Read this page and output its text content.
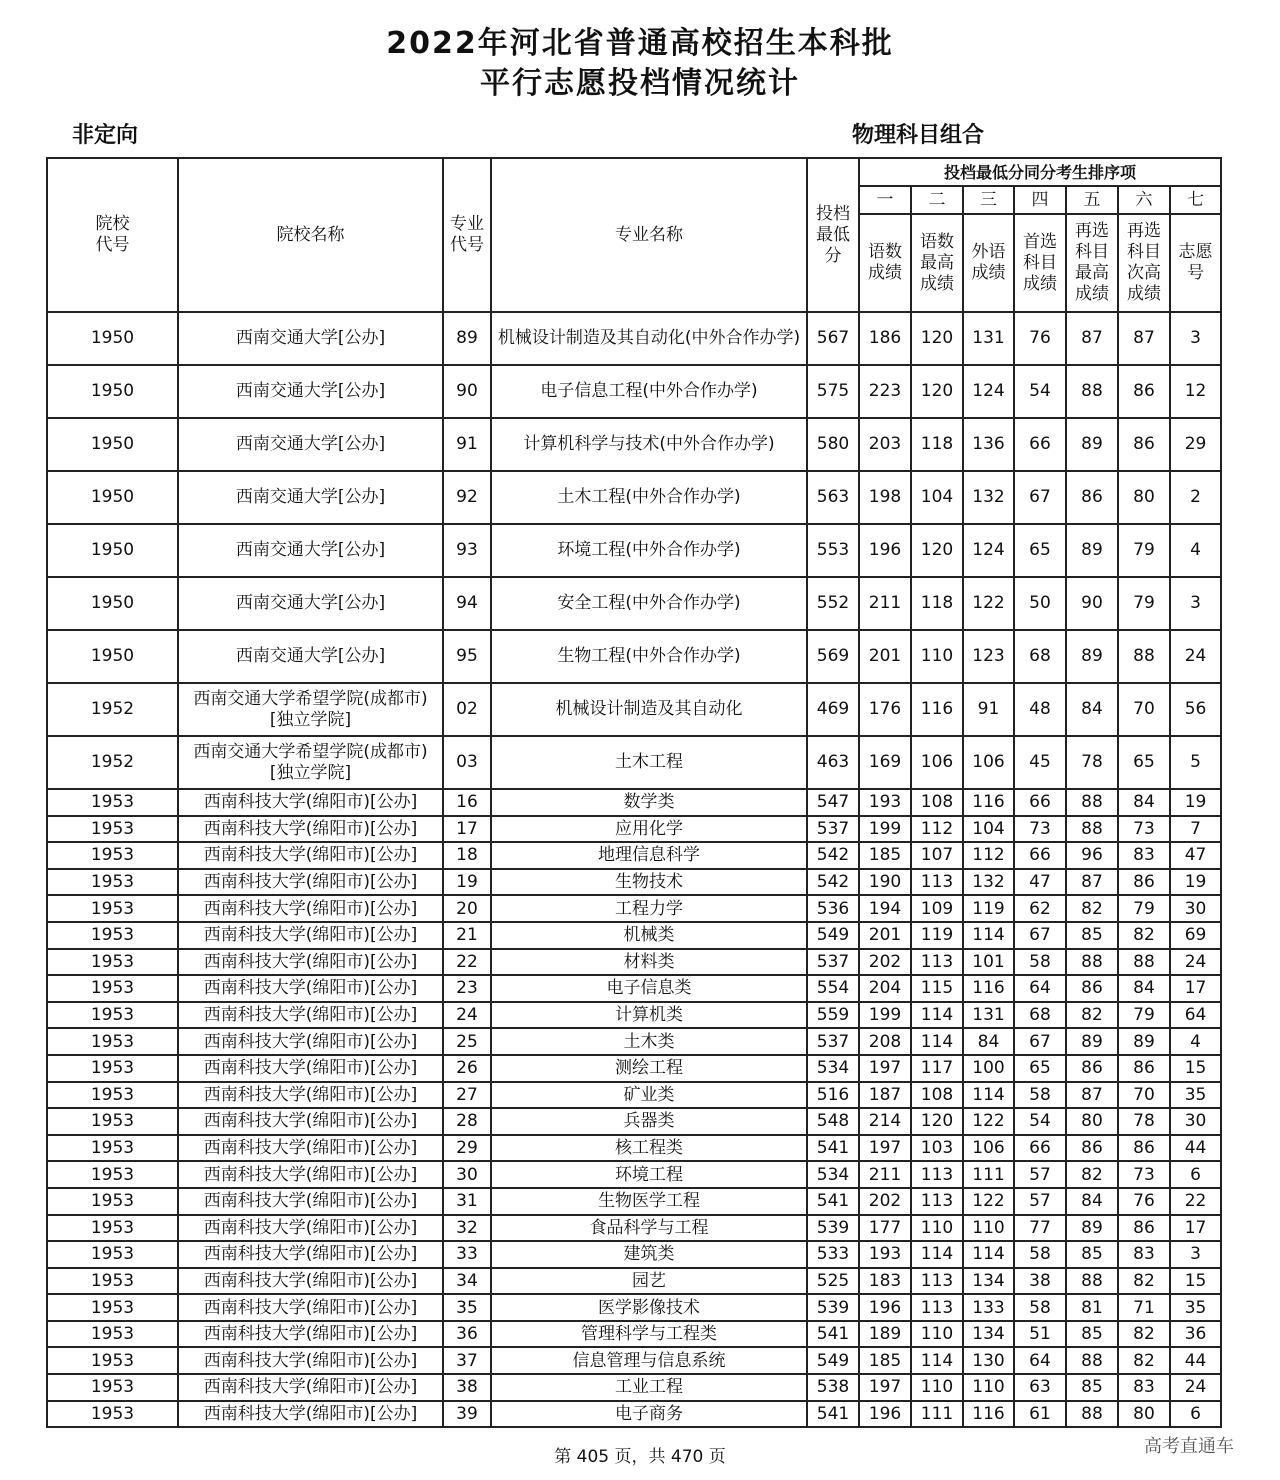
2022年河北省普通高校招生本科批
平行志愿投档情况统计
非定向	物理科目组合
院校代号	院校名称	专业代号	专业名称	投档最低分	投档最低分同分考生排序项						
					一	二	三	四	五	六	七

					语数成绩	语数最高成绩	外语成绩	首选科目成绩	再选科目最高成绩	再选科目次高成绩	志愿号

1950	西南交通大学[公办]	89	机械设计制造及其自动化(中外合作办学)	567	186	120	131	76	87	87	3
1950	西南交通大学[公办]	90	电子信息工程(中外合作办学)	575	223	120	124	54	88	86	12
1950	西南交通大学[公办]	91	计算机科学与技术(中外合作办学)	580	203	118	136	66	89	86	29
1950	西南交通大学[公办]	92	土木工程(中外合作办学)	563	198	104	132	67	86	80	2
1950	西南交通大学[公办]	93	环境工程(中外合作办学)	553	196	120	124	65	89	79	4
1950	西南交通大学[公办]	94	安全工程(中外合作办学)	552	211	118	122	50	90	79	3
1950	西南交通大学[公办]	95	生物工程(中外合作办学)	569	201	110	123	68	89	88	24
1952	西南交通大学希望学院(成都市)[独立学院]	02	机械设计制造及其自动化	469	176	116	91	48	84	70	56
1952	西南交通大学希望学院(成都市)[独立学院]	03	土木工程	463	169	106	106	45	78	65	5
1953	西南科技大学(绵阳市)[公办]	16	数学类	547	193	108	116	66	88	84	19
1953	西南科技大学(绵阳市)[公办]	17	应用化学	537	199	112	104	73	88	73	7
1953	西南科技大学(绵阳市)[公办]	18	地理信息科学	542	185	107	112	66	96	83	47
1953	西南科技大学(绵阳市)[公办]	19	生物技术	542	190	113	132	47	87	86	19
1953	西南科技大学(绵阳市)[公办]	20	工程力学	536	194	109	119	62	82	79	30
1953	西南科技大学(绵阳市)[公办]	21	机械类	549	201	119	114	67	85	82	69
1953	西南科技大学(绵阳市)[公办]	22	材料类	537	202	113	101	58	88	88	24
1953	西南科技大学(绵阳市)[公办]	23	电子信息类	554	204	115	116	64	86	84	17
1953	西南科技大学(绵阳市)[公办]	24	计算机类	559	199	114	131	68	82	79	64
1953	西南科技大学(绵阳市)[公办]	25	土木类	537	208	114	84	67	89	89	4
1953	西南科技大学(绵阳市)[公办]	26	测绘工程	534	197	117	100	65	86	86	15
1953	西南科技大学(绵阳市)[公办]	27	矿业类	516	187	108	114	58	87	70	35
1953	西南科技大学(绵阳市)[公办]	28	兵器类	548	214	120	122	54	80	78	30
1953	西南科技大学(绵阳市)[公办]	29	核工程类	541	197	103	106	66	86	86	44
1953	西南科技大学(绵阳市)[公办]	30	环境工程	534	211	113	111	57	82	73	6
1953	西南科技大学(绵阳市)[公办]	31	生物医学工程	541	202	113	122	57	84	76	22
1953	西南科技大学(绵阳市)[公办]	32	食品科学与工程	539	177	110	110	77	89	86	17
1953	西南科技大学(绵阳市)[公办]	33	建筑类	533	193	114	114	58	85	83	3
1953	西南科技大学(绵阳市)[公办]	34	园艺	525	183	113	134	38	88	82	15
1953	西南科技大学(绵阳市)[公办]	35	医学影像技术	539	196	113	133	58	81	71	35
1953	西南科技大学(绵阳市)[公办]	36	管理科学与工程类	541	189	110	134	51	85	82	36
1953	西南科技大学(绵阳市)[公办]	37	信息管理与信息系统	549	185	114	130	64	88	82	44
1953	西南科技大学(绵阳市)[公办]	38	工业工程	538	197	110	110	63	85	83	24
1953	西南科技大学(绵阳市)[公办]	39	电子商务	541	196	111	116	61	88	80	6
第 405 页，共 470 页	高考直通车
